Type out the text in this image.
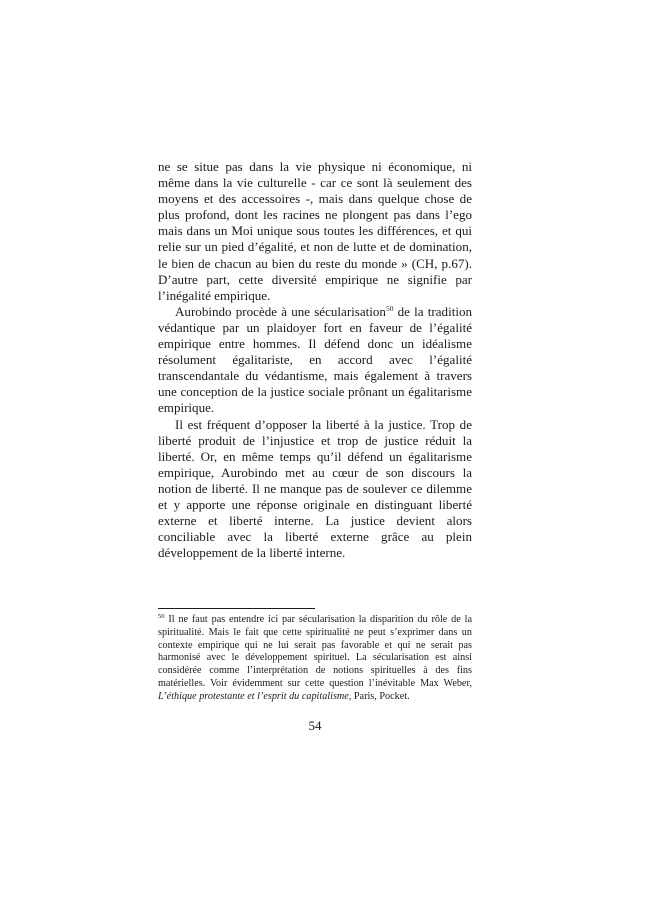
ne se situe pas dans la vie physique ni économique, ni même dans la vie culturelle - car ce sont là seulement des moyens et des accessoires -, mais dans quelque chose de plus profond, dont les racines ne plongent pas dans l’ego mais dans un Moi unique sous toutes les différences, et qui relie sur un pied d’égalité, et non de lutte et de domination, le bien de chacun au bien du reste du monde » (CH, p.67). D’autre part, cette diversité empirique ne signifie par l’inégalité empirique.

Aurobindo procède à une sécularisation$^{50}$ de la tradition védantique par un plaidoyer fort en faveur de l’égalité empirique entre hommes. Il défend donc un idéalisme résolument égalitariste, en accord avec l’égalité transcendantale du védantisme, mais également à travers une conception de la justice sociale prônant un égalitarisme empirique.

Il est fréquent d’opposer la liberté à la justice. Trop de liberté produit de l’injustice et trop de justice réduit la liberté. Or, en même temps qu’il défend un égalitarisme empirique, Aurobindo met au cœur de son discours la notion de liberté. Il ne manque pas de soulever ce dilemme et y apporte une réponse originale en distinguant liberté externe et liberté interne. La justice devient alors conciliable avec la liberté externe grâce au plein développement de la liberté interne.

$^{50}$ Il ne faut pas entendre ici par sécularisation la disparition du rôle de la spiritualité. Mais le fait que cette spiritualité ne peut s’exprimer dans un contexte empirique qui ne lui serait pas favorable et qui ne serait pas harmonisé avec le développement spirituel. La sécularisation est ainsi considérée comme l’interprétation de notions spirituelles à des fins matérielles. Voir évidemment sur cette question l’inévitable Max Weber, L’éthique protestante et l’esprit du capitalisme, Paris, Pocket.

54
